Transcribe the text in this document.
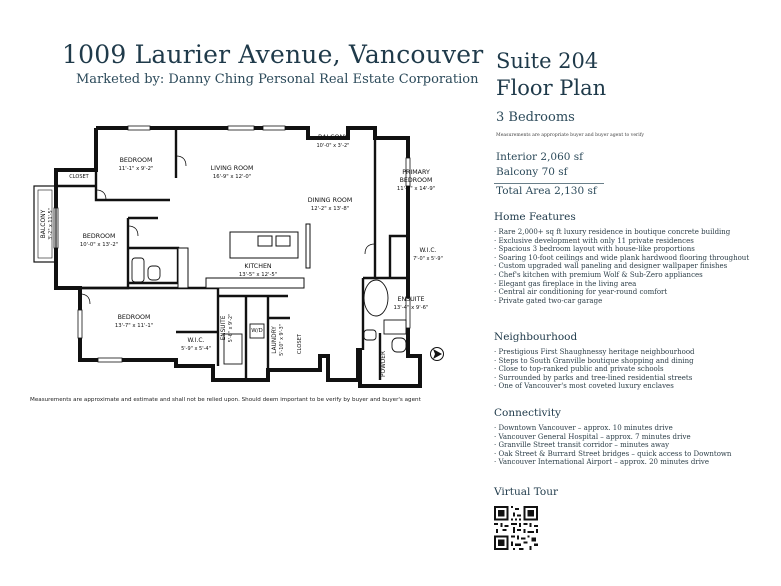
1009 Laurier Avenue, Vancouver
Marketed by: Danny Ching Personal Real Estate Corporation
BEDROOM
11'-1" x 9'-2"
CLOSET
BALCONY 3'-2" x 11'-5"	BEDROOM
10'-0" x 13'-2"
LIVING ROOM
16'-9" x 12'-0"
BALCONY
10'-0" x 3'-2"
DINING ROOM
12'-2" x 13'-8"
PRIMARY
BEDROOM
11'-9" x 14'-9"
W.I.C.
7'-0" x 5'-9"
KITCHEN
13'-5" x 12'-5"
ENSUITE
13'-4" x 9'-6"
BEDROOM
13'-7" x 11'-1"	ENSUITE 5'-6" x 9'-2"	W/D LAUNDRY 5'-10" x 9'-3" CLOSET
W.I.C.
5'-9" x 5'-4"
POWDER
Measurements are approximate and estimate and shall not be relied upon. Should deem important to be verify by buyer and buyer's agent
Suite 204
Floor Plan
3 Bedrooms
Measurements are appropriate buyer and buyer agent to verify
Interior 2,060 sf
Balcony 70 sf
Total Area 2,130 sf
Home Features
· Rare 2,000+ sq ft luxury residence in boutique concrete building
· Exclusive development with only 11 private residences
· Spacious 3 bedroom layout with house-like proportions
· Soaring 10-foot ceilings and wide plank hardwood flooring throughout
· Custom upgraded wall paneling and designer wallpaper finishes
· Chef's kitchen with premium Wolf & Sub-Zero appliances
· Elegant gas fireplace in the living area
· Central air conditioning for year-round comfort
· Private gated two-car garage
Neighbourhood
· Prestigious First Shaughnessy heritage neighbourhood
· Steps to South Granville boutique shopping and dining
· Close to top-ranked public and private schools
· Surrounded by parks and tree-lined residential streets
· One of Vancouver's most coveted luxury enclaves
Connectivity
· Downtown Vancouver – approx. 10 minutes drive
· Vancouver General Hospital – approx. 7 minutes drive
· Granville Street transit corridor – minutes away
· Oak Street & Burrard Street bridges – quick access to Downtown
· Vancouver International Airport – approx. 20 minutes drive
Virtual Tour
